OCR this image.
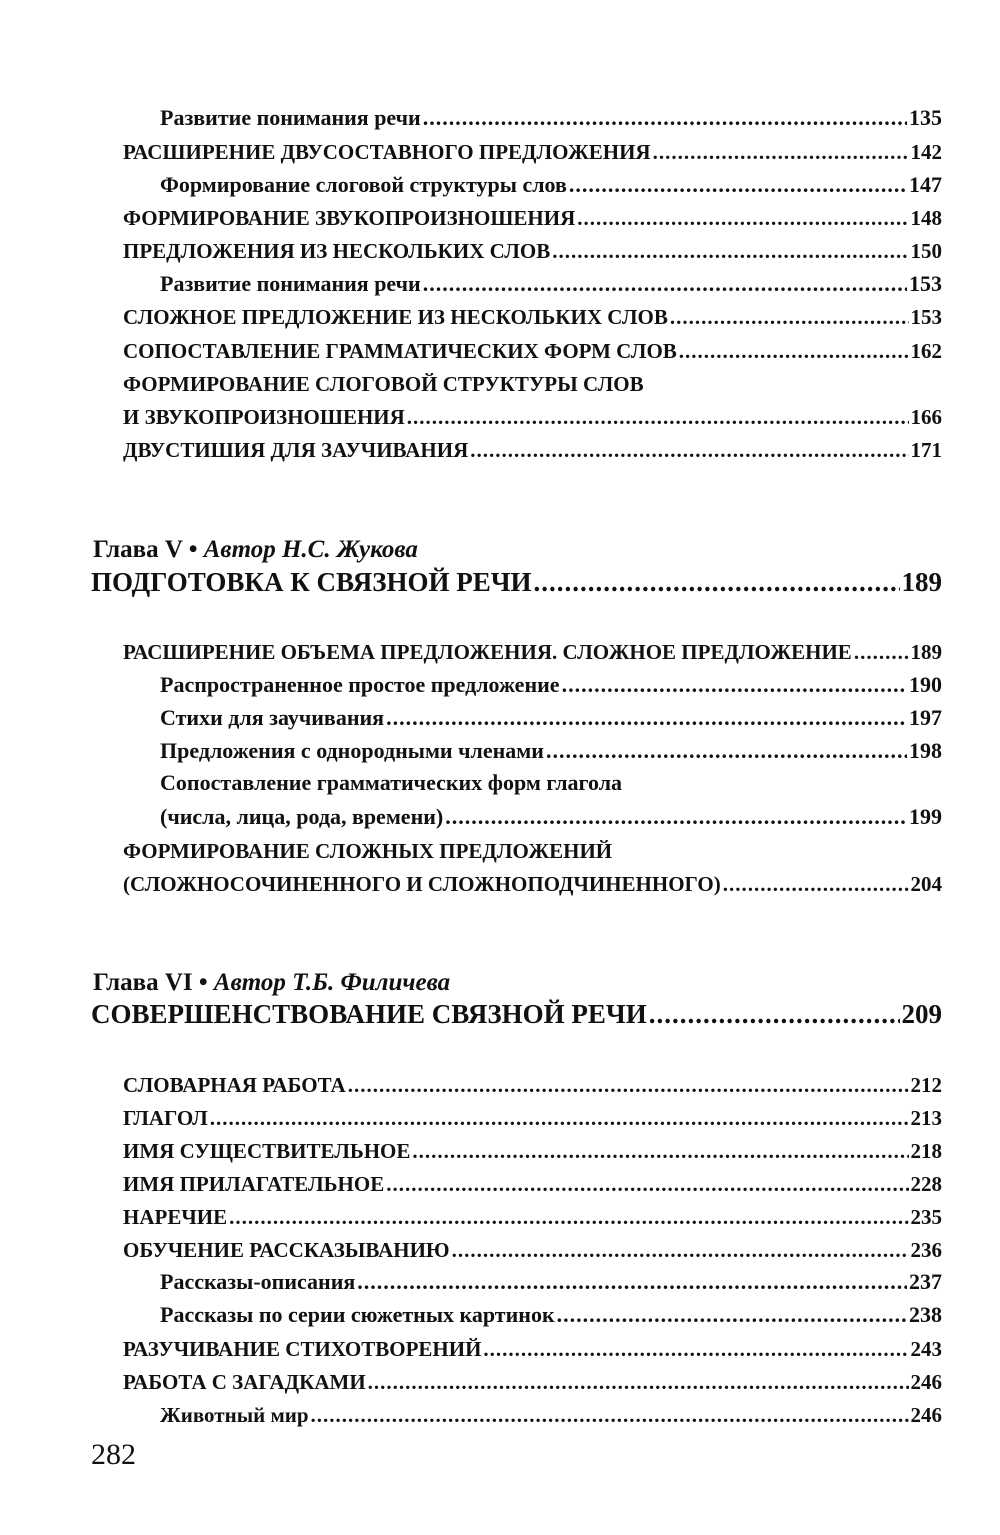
Развитие понимания речи .....	135
РАСШИРЕНИЕ ДВУСОСТАВНОГО ПРЕДЛОЖЕНИЯ .....	142
Формирование слоговой структуры слов .....	147
ФОРМИРОВАНИЕ ЗВУКОПРОИЗНОШЕНИЯ .....	148
ПРЕДЛОЖЕНИЯ ИЗ НЕСКОЛЬКИХ СЛОВ .....	150
Развитие понимания речи .....	153
СЛОЖНОЕ ПРЕДЛОЖЕНИЕ ИЗ НЕСКОЛЬКИХ СЛОВ .....	153
СОПОСТАВЛЕНИЕ ГРАММАТИЧЕСКИХ ФОРМ СЛОВ .....	162
ФОРМИРОВАНИЕ СЛОГОВОЙ СТРУКТУРЫ СЛОВ
И ЗВУКОПРОИЗНОШЕНИЯ .....	166
ДВУСТИШИЯ ДЛЯ ЗАУЧИВАНИЯ .....	171
Глава V • Автор Н.С. Жукова
ПОДГОТОВКА К СВЯЗНОЙ РЕЧИ .....	189
РАСШИРЕНИЕ ОБЪЕМА ПРЕДЛОЖЕНИЯ. СЛОЖНОЕ ПРЕДЛОЖЕНИЕ .....	189
Распространенное простое предложение .....	190
Стихи для заучивания .....	197
Предложения с однородными членами .....	198
Сопоставление грамматических форм глагола
(числа, лица, рода, времени) .....	199
ФОРМИРОВАНИЕ СЛОЖНЫХ ПРЕДЛОЖЕНИЙ
(СЛОЖНОСОЧИНЕННОГО И СЛОЖНОПОДЧИНЕННОГО) .....	204
Глава VI • Автор Т.Б. Филичева
СОВЕРШЕНСТВОВАНИЕ СВЯЗНОЙ РЕЧИ .....	209
СЛОВАРНАЯ РАБОТА .....	212
ГЛАГОЛ .....	213
ИМЯ СУЩЕСТВИТЕЛЬНОЕ .....	218
ИМЯ ПРИЛАГАТЕЛЬНОЕ .....	228
НАРЕЧИЕ .....	235
ОБУЧЕНИЕ РАССКАЗЫВАНИЮ .....	236
Рассказы-описания .....	237
Рассказы по серии сюжетных картинок .....	238
РАЗУЧИВАНИЕ СТИХОТВОРЕНИЙ .....	243
РАБОТА С ЗАГАДКАМИ .....	246
Животный мир .....	246
282
